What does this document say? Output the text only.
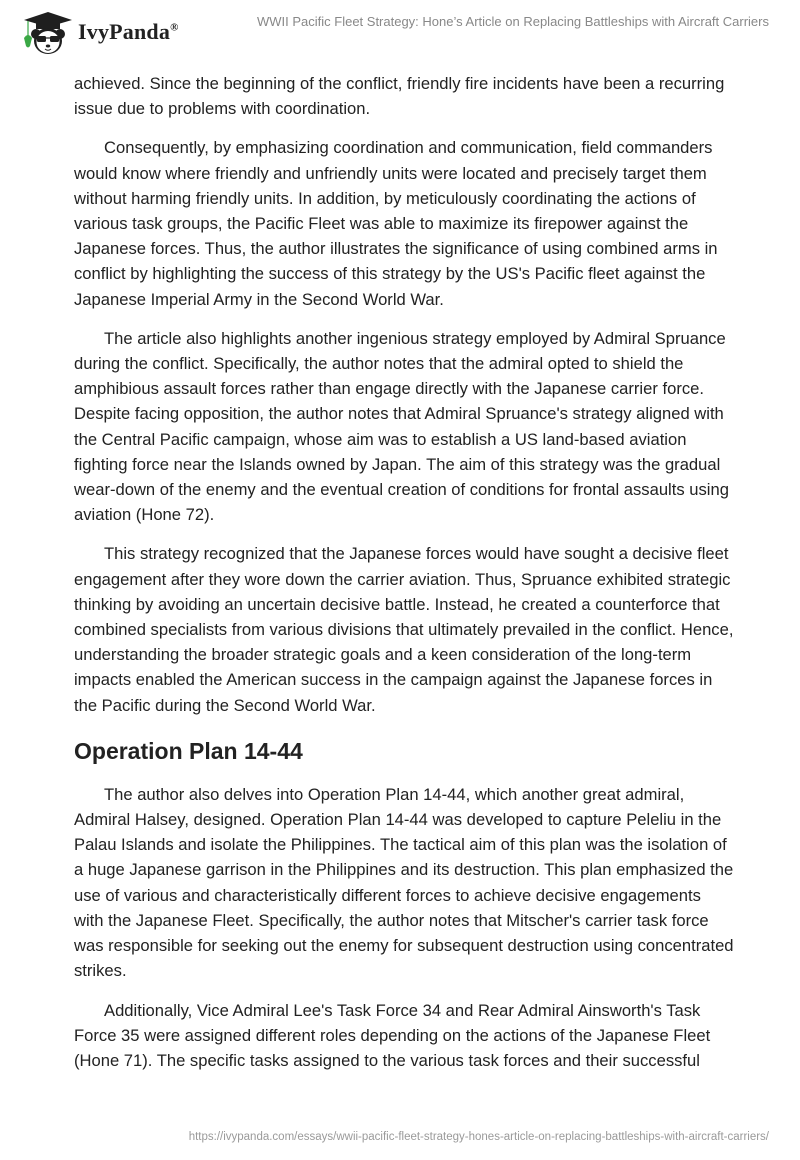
IvyPanda®	WWII Pacific Fleet Strategy: Hone’s Article on Replacing Battleships with Aircraft Carriers

achieved. Since the beginning of the conflict, friendly fire incidents have been a recurring issue due to problems with coordination.

Consequently, by emphasizing coordination and communication, field commanders would know where friendly and unfriendly units were located and precisely target them without harming friendly units. In addition, by meticulously coordinating the actions of various task groups, the Pacific Fleet was able to maximize its firepower against the Japanese forces. Thus, the author illustrates the significance of using combined arms in conflict by highlighting the success of this strategy by the US's Pacific fleet against the Japanese Imperial Army in the Second World War.

The article also highlights another ingenious strategy employed by Admiral Spruance during the conflict. Specifically, the author notes that the admiral opted to shield the amphibious assault forces rather than engage directly with the Japanese carrier force. Despite facing opposition, the author notes that Admiral Spruance's strategy aligned with the Central Pacific campaign, whose aim was to establish a US land-based aviation fighting force near the Islands owned by Japan. The aim of this strategy was the gradual wear-down of the enemy and the eventual creation of conditions for frontal assaults using aviation (Hone 72).

This strategy recognized that the Japanese forces would have sought a decisive fleet engagement after they wore down the carrier aviation. Thus, Spruance exhibited strategic thinking by avoiding an uncertain decisive battle. Instead, he created a counterforce that combined specialists from various divisions that ultimately prevailed in the conflict. Hence, understanding the broader strategic goals and a keen consideration of the long-term impacts enabled the American success in the campaign against the Japanese forces in the Pacific during the Second World War.

Operation Plan 14-44

The author also delves into Operation Plan 14-44, which another great admiral, Admiral Halsey, designed. Operation Plan 14-44 was developed to capture Peleliu in the Palau Islands and isolate the Philippines. The tactical aim of this plan was the isolation of a huge Japanese garrison in the Philippines and its destruction. This plan emphasized the use of various and characteristically different forces to achieve decisive engagements with the Japanese Fleet. Specifically, the author notes that Mitscher's carrier task force was responsible for seeking out the enemy for subsequent destruction using concentrated strikes.

Additionally, Vice Admiral Lee's Task Force 34 and Rear Admiral Ainsworth's Task Force 35 were assigned different roles depending on the actions of the Japanese Fleet (Hone 71). The specific tasks assigned to the various task forces and their successful

https://ivypanda.com/essays/wwii-pacific-fleet-strategy-hones-article-on-replacing-battleships-with-aircraft-carriers/
